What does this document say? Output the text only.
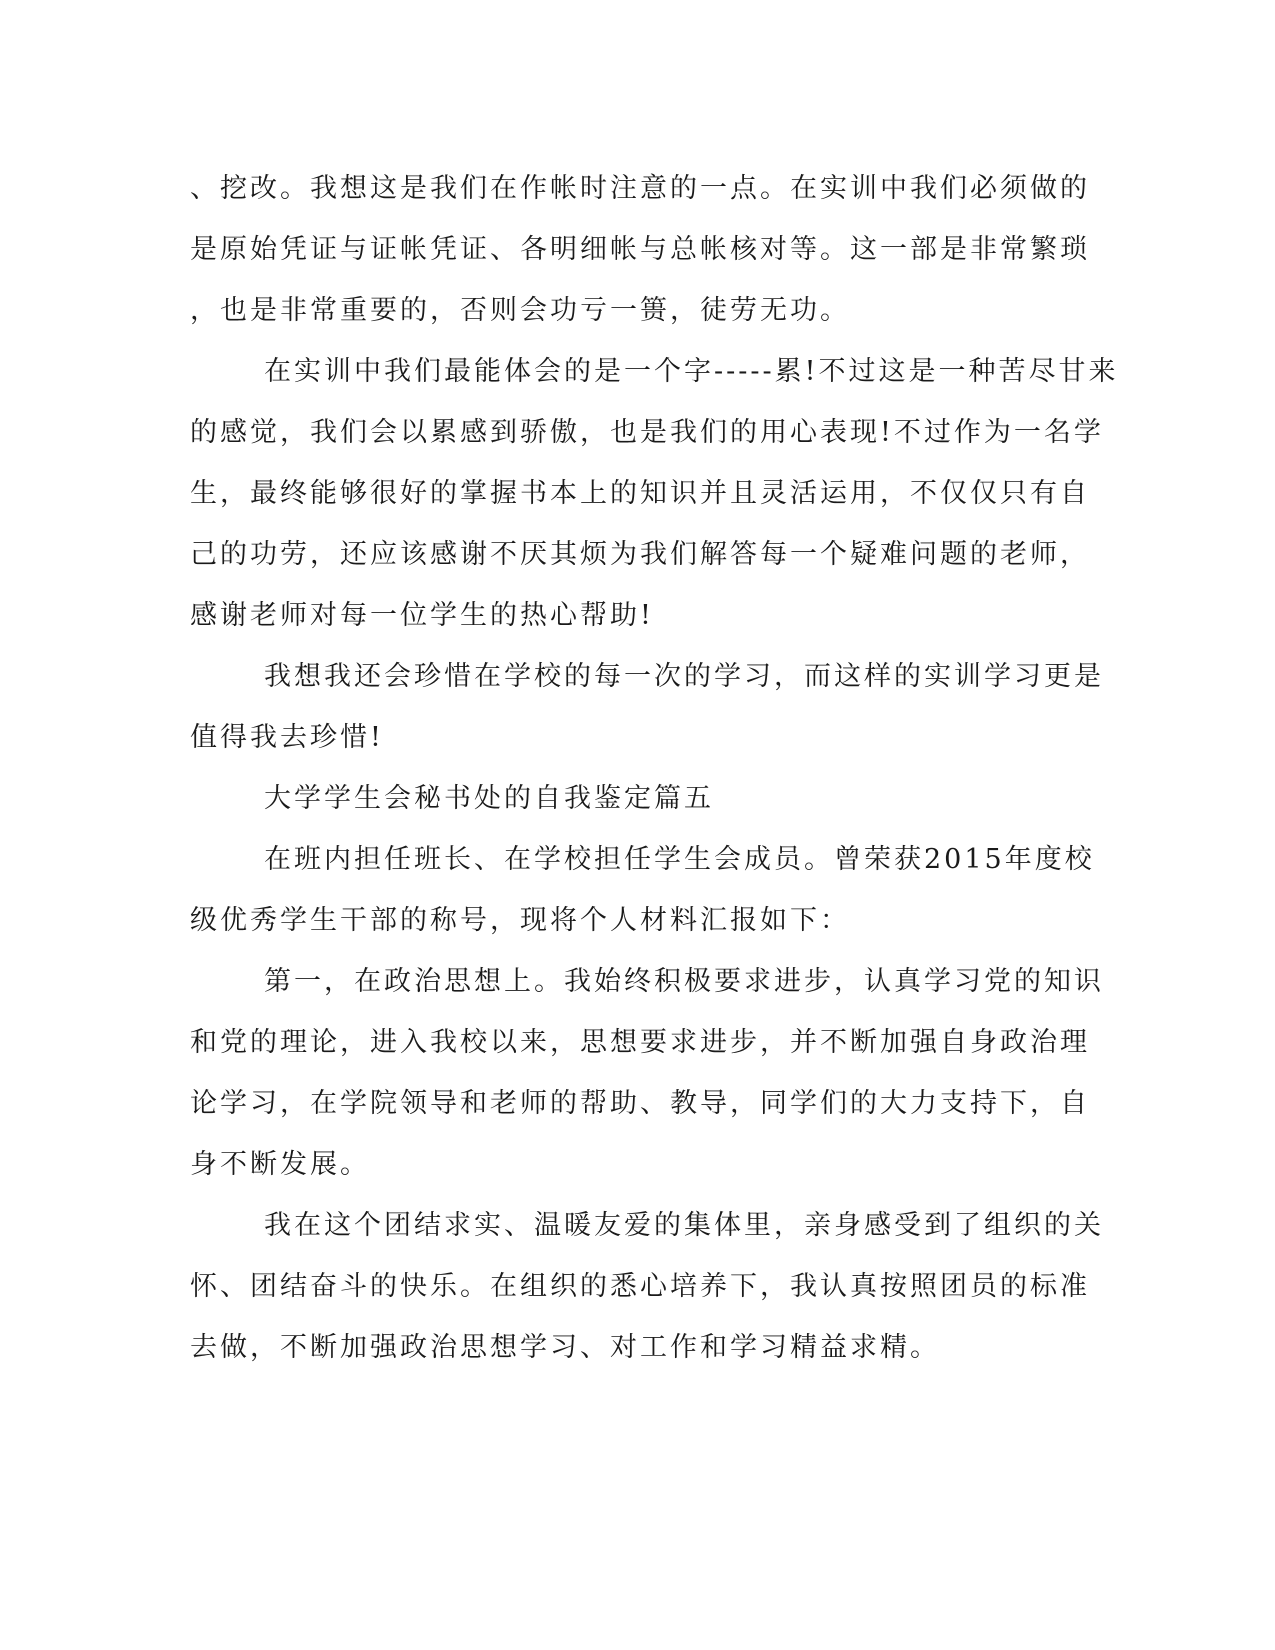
、挖改。我想这是我们在作帐时注意的一点。在实训中我们必须做的
是原始凭证与证帐凭证、各明细帐与总帐核对等。这一部是非常繁琐
，也是非常重要的，否则会功亏一篑，徒劳无功。
在实训中我们最能体会的是一个字-----累!不过这是一种苦尽甘来
的感觉，我们会以累感到骄傲，也是我们的用心表现!不过作为一名学
生，最终能够很好的掌握书本上的知识并且灵活运用，不仅仅只有自
己的功劳，还应该感谢不厌其烦为我们解答每一个疑难问题的老师，
感谢老师对每一位学生的热心帮助!
我想我还会珍惜在学校的每一次的学习，而这样的实训学习更是
值得我去珍惜!
大学学生会秘书处的自我鉴定篇五
在班内担任班长、在学校担任学生会成员。曾荣获2015年度校
级优秀学生干部的称号，现将个人材料汇报如下：
第一，在政治思想上。我始终积极要求进步，认真学习党的知识
和党的理论，进入我校以来，思想要求进步，并不断加强自身政治理
论学习，在学院领导和老师的帮助、教导，同学们的大力支持下，自
身不断发展。
我在这个团结求实、温暖友爱的集体里，亲身感受到了组织的关
怀、团结奋斗的快乐。在组织的悉心培养下，我认真按照团员的标准
去做，不断加强政治思想学习、对工作和学习精益求精。
